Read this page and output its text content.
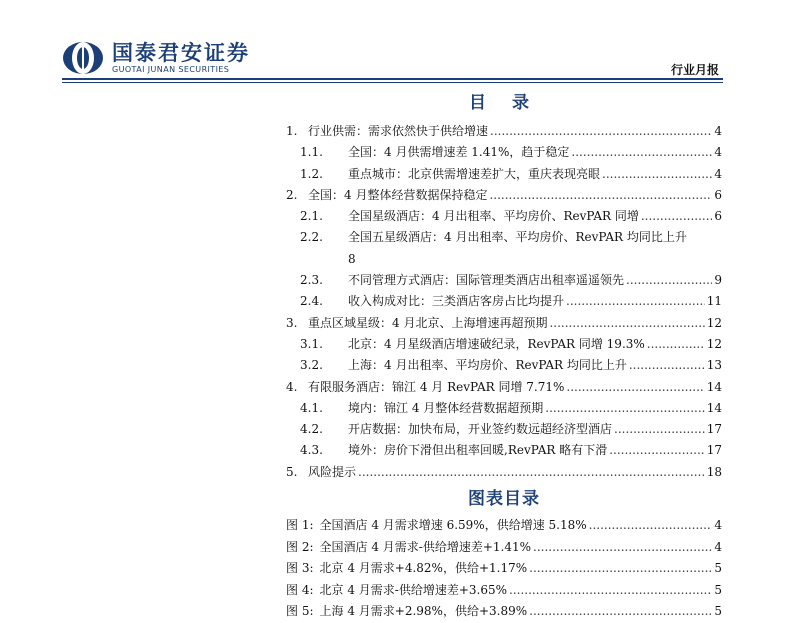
国泰君安证券
GUOTAI JUNAN SECURITIES	行业月报
目 录
1. 行业供需：需求依然快于供给增速 .....	4
1.1.	全国：4 月供需增速差 1.41%，趋于稳定 .....	4
1.2.	重点城市：北京供需增速差扩大，重庆表现亮眼 .....	4
2. 全国：4 月整体经营数据保持稳定 .....	6
2.1.	全国星级酒店：4 月出租率、平均房价、RevPAR 同增 .....	6
2.2.	全国五星级酒店：4 月出租率、平均房价、RevPAR 均同比上升
8
2.3.	不同管理方式酒店：国际管理类酒店出租率遥遥领先 .....	9
2.4.	收入构成对比：三类酒店客房占比均提升 .....	11
3. 重点区域星级：4 月北京、上海增速再超预期 .....	12
3.1.	北京：4 月星级酒店增速破纪录，RevPAR 同增 19.3% .....	12
3.2.	上海：4 月出租率、平均房价、RevPAR 均同比上升 .....	13
4. 有限服务酒店：锦江 4 月 RevPAR 同增 7.71% .....	14
4.1.	境内：锦江 4 月整体经营数据超预期 .....	14
4.2.	开店数据：加快布局，开业签约数远超经济型酒店 .....	17
4.3.	境外：房价下滑但出租率回暖,RevPAR 略有下滑 .....	17
5. 风险提示 .....	18
图表目录
图 1: 全国酒店 4 月需求增速 6.59%，供给增速 5.18% .....	4
图 2: 全国酒店 4 月需求-供给增速差+1.41% .....	4
图 3: 北京 4 月需求+4.82%，供给+1.17% .....	5
图 4: 北京 4 月需求-供给增速差+3.65% .....	5
图 5: 上海 4 月需求+2.98%，供给+3.89% .....	5
